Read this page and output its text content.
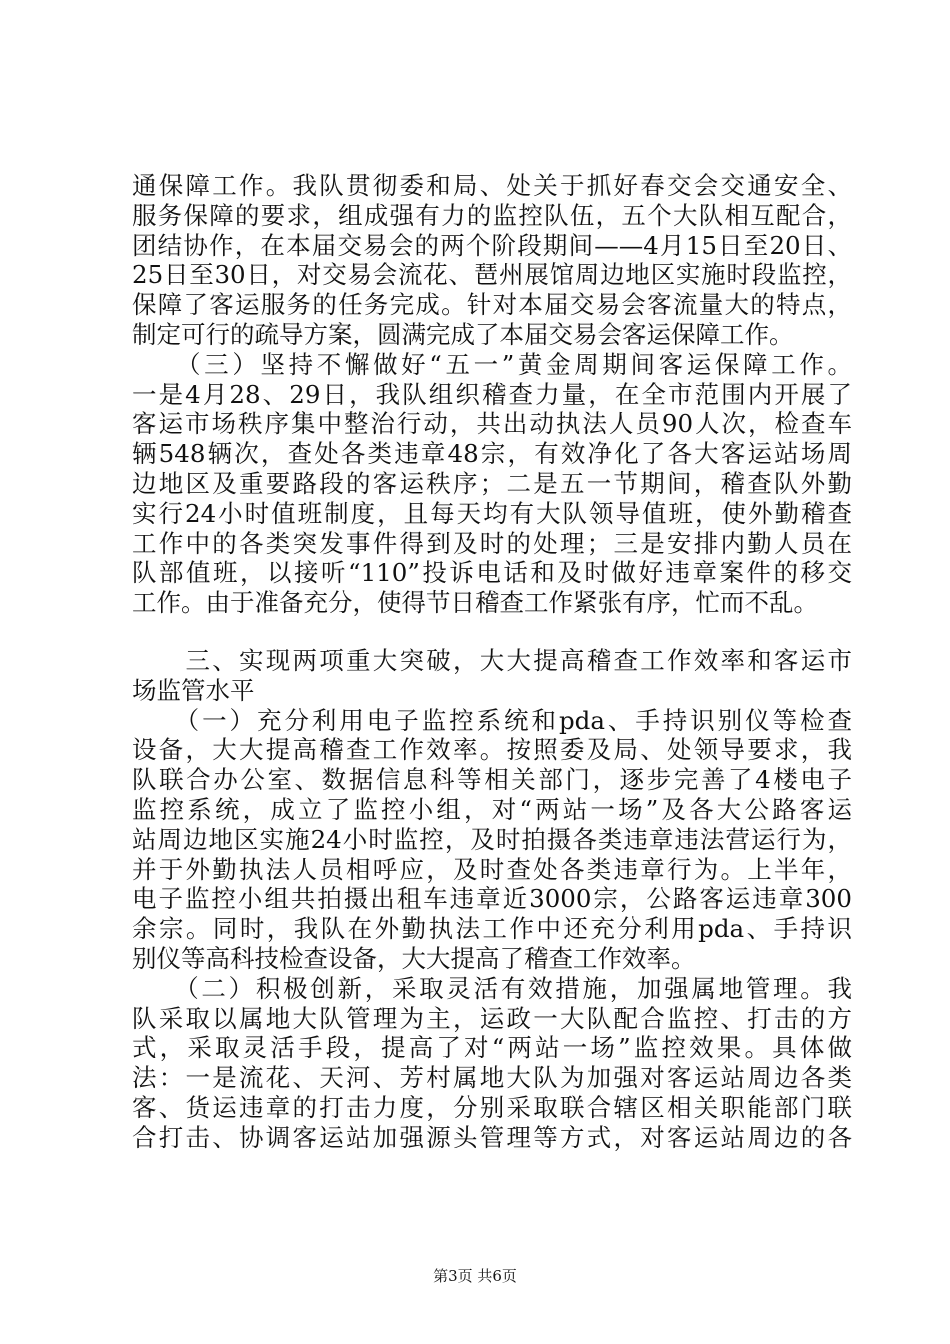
通保障工作。我队贯彻委和局、处关于抓好春交会交通安全、
服务保障的要求，组成强有力的监控队伍，五个大队相互配合，
团结协作，在本届交易会的两个阶段期间——4月15日至20日、
25日至30日，对交易会流花、琶州展馆周边地区实施时段监控，
保障了客运服务的任务完成。针对本届交易会客流量大的特点，
制定可行的疏导方案，圆满完成了本届交易会客运保障工作。
　　（三）坚持不懈做好“五一”黄金周期间客运保障工作。
一是4月28、29日，我队组织稽查力量，在全市范围内开展了
客运市场秩序集中整治行动，共出动执法人员90人次，检查车
辆548辆次，查处各类违章48宗，有效净化了各大客运站场周
边地区及重要路段的客运秩序；二是五一节期间，稽查队外勤
实行24小时值班制度，且每天均有大队领导值班，使外勤稽查
工作中的各类突发事件得到及时的处理；三是安排内勤人员在
队部值班，以接听“110”投诉电话和及时做好违章案件的移交
工作。由于准备充分，使得节日稽查工作紧张有序，忙而不乱。
　　三、实现两项重大突破，大大提高稽查工作效率和客运市
场监管水平
　　（一）充分利用电子监控系统和pda、手持识别仪等检查
设备，大大提高稽查工作效率。按照委及局、处领导要求，我
队联合办公室、数据信息科等相关部门，逐步完善了4楼电子
监控系统，成立了监控小组，对“两站一场”及各大公路客运
站周边地区实施24小时监控，及时拍摄各类违章违法营运行为，
并于外勤执法人员相呼应，及时查处各类违章行为。上半年，
电子监控小组共拍摄出租车违章近3000宗，公路客运违章300
余宗。同时，我队在外勤执法工作中还充分利用pda、手持识
别仪等高科技检查设备，大大提高了稽查工作效率。
　　（二）积极创新，采取灵活有效措施，加强属地管理。我
队采取以属地大队管理为主，运政一大队配合监控、打击的方
式，采取灵活手段，提高了对“两站一场”监控效果。具体做
法：一是流花、天河、芳村属地大队为加强对客运站周边各类
客、货运违章的打击力度，分别采取联合辖区相关职能部门联
合打击、协调客运站加强源头管理等方式，对客运站周边的各
第3页 共6页
